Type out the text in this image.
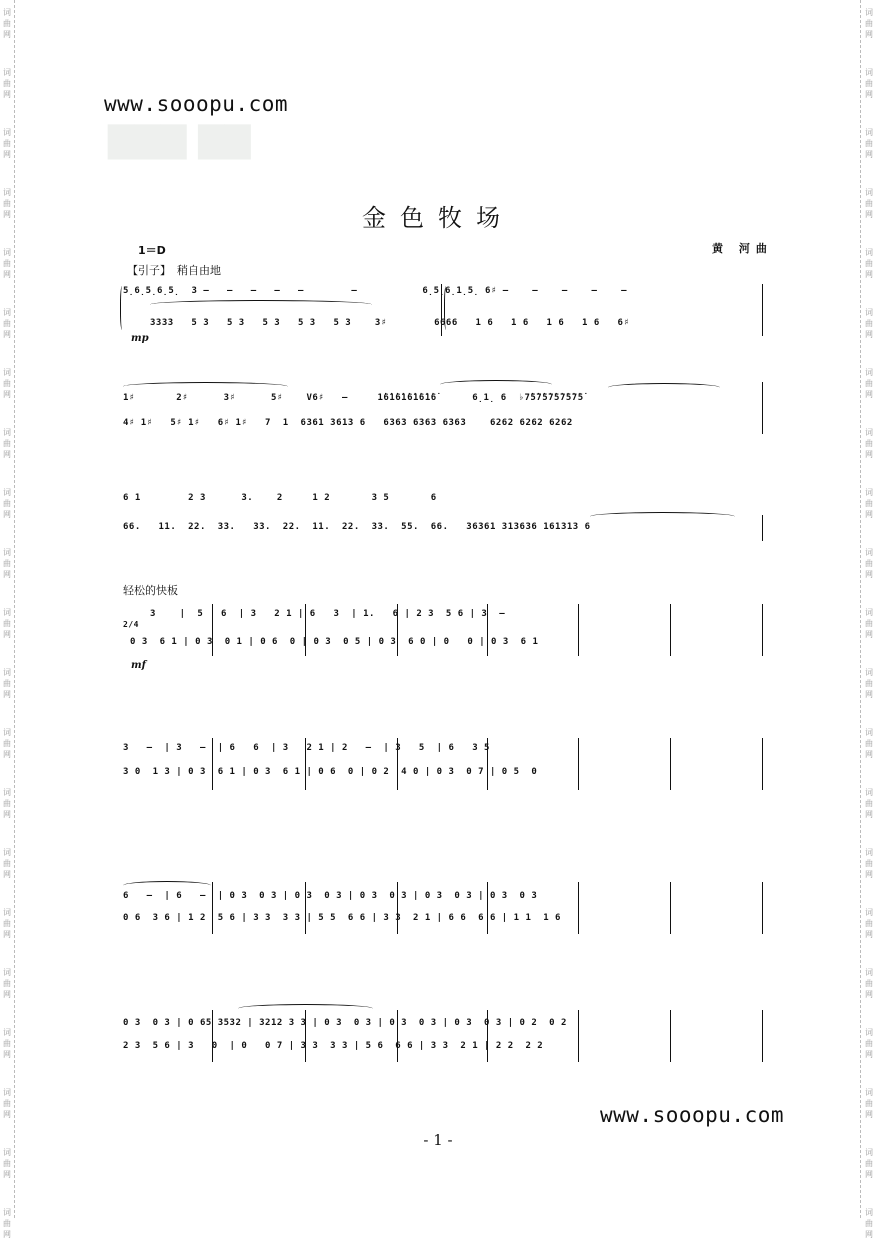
词
曲
网
词
曲
网
词
曲
网
词
曲
网
词
曲
网
词
曲
网
词
曲
网
词
曲
网
词
曲
网
词
曲
网
词
曲
网
词
曲
网
词
曲
网
词
曲
网
词
曲
网
词
曲
网
词
曲
网
词
曲
网
词
曲
网
词
曲
网
词
曲
网
词
曲
网
词
曲
网
词
曲
网
词
曲
网
词
曲
网
词
曲
网
词
曲
网
词
曲
网
词
曲
网
词
曲
网
词
曲
网
词
曲
网
词
曲
网
词
曲
网
词
曲
网
词
曲
网
词
曲
网
词
曲
网
词
曲
网
词
曲
网
词
曲
网
www.sooopu.com
▇▇▇ ▇▇
金色牧场
1＝D	黄 河曲
【引子】 稍自由地
5̣6̣5̣6̣5̣  3 ‒   ‒   ‒   ‒   ‒        ‒           6̣5̣6̣1̣5̣ 6♯ ‒    ‒    ‒    ‒    ‒
3333   5 3   5 3   5 3   5 3   5 3    3♯        6666   1 6   1 6   1 6   1 6   6♯
mp
1♯       2♯      3♯      5♯    V6♯   ‒     1̇6̇1̇6̇1̇6̇1̇6̇1̇6̇      6̣1̣ 6  ♭7̇5̇7̇5̇7̇5̇7̇5̇7̇5̇
4♯ 1♯   5♯ 1♯   6♯ 1♯   7  1  6361 3613 6   6363 6363 6363    6262 6262 6262
6 1        2 3      3.    2     1 2       3 5       6
66.   11.  22.  33.   33.  22.  11.  22.  33.  55.  66.   36361 313636 161313 6
轻松的快板
2/4
3    |  5   6  | 3   2 1 | 6   3  | 1.   6 | 2 3  5 6 | 3  ‒
0 3  6 1 | 0 3  0 1 | 0 6  0 | 0 3  0 5 | 0 3  6 0 | 0   0 | 0 3  6 1
mf
3   ‒  | 3   ‒  | 6   6  | 3   2 1 | 2   ‒  | 3   5  | 6   3 5
3 0  1 3 | 0 3  6 1 | 0 3  6 1 | 0 6  0 | 0 2  4 0 | 0 3  0 7 | 0 5  0
6   ‒  | 6   ‒  | 0 3  0 3 | 0 3  0 3 | 0 3  0 3 | 0 3  0 3 | 0 3  0 3
0 6  3 6 | 1 2  5 6 | 3 3  3 3 | 5 5  6 6 | 3 3  2 1 | 6 6  6 6 | 1 1  1 6
0 3  0 3 | 0 65 3532 | 3212 3 3 | 0 3  0 3 | 0 3  0 3 | 0 3  0 3 | 0 2  0 2
2 3  5 6 | 3   0  | 0   0 7 | 3 3  3 3 | 5 6  6 6 | 3 3  2 1 | 2 2  2 2
www.sooopu.com
- 1 -
